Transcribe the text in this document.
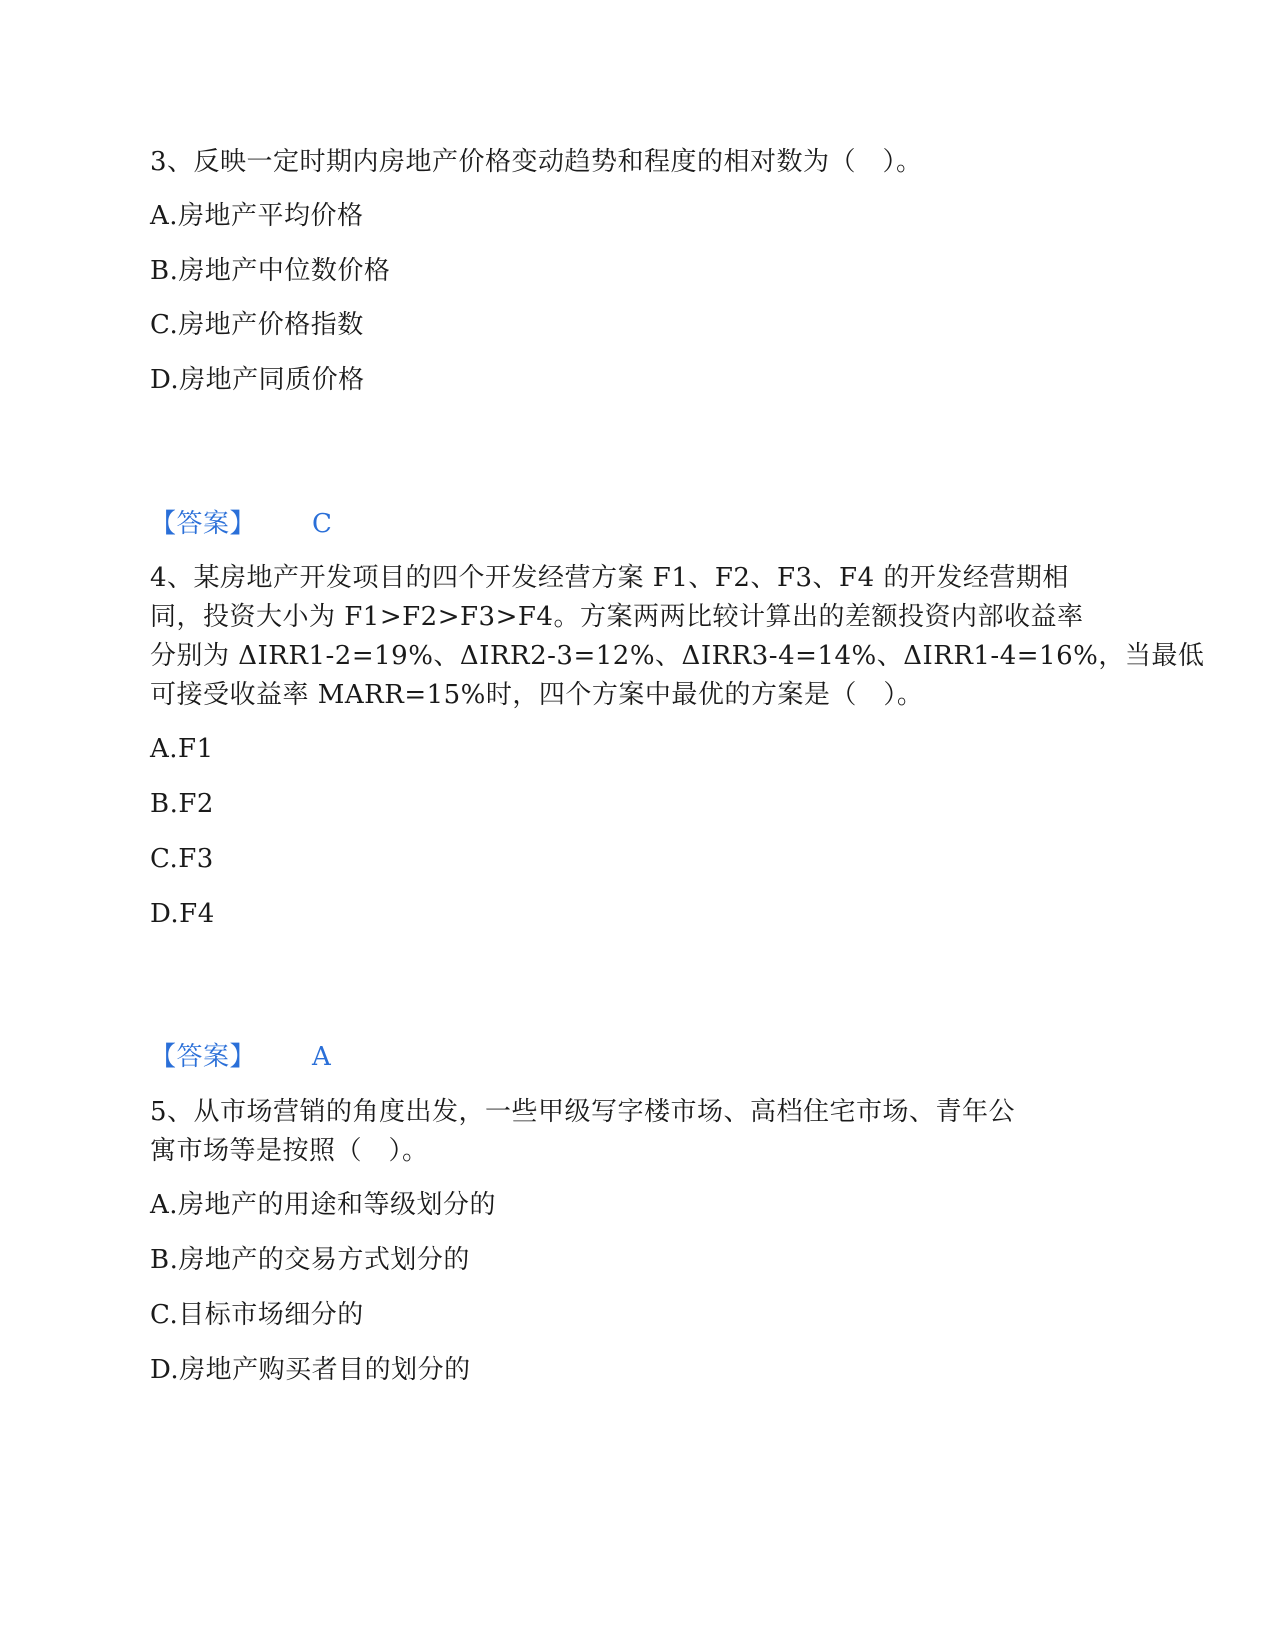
3、反映一定时期内房地产价格变动趋势和程度的相对数为（　）。
A.房地产平均价格
B.房地产中位数价格
C.房地产价格指数
D.房地产同质价格
【答案】 C
4、某房地产开发项目的四个开发经营方案 F1、F2、F3、F4 的开发经营期相
同，投资大小为 F1>F2>F3>F4。方案两两比较计算出的差额投资内部收益率
分别为 ΔIRR1-2=19%、ΔIRR2-3=12%、ΔIRR3-4=14%、ΔIRR1-4=16%，当最低
可接受收益率 MARR=15%时，四个方案中最优的方案是（　）。
A.F1
B.F2
C.F3
D.F4
【答案】 A
5、从市场营销的角度出发，一些甲级写字楼市场、高档住宅市场、青年公
寓市场等是按照（　）。
A.房地产的用途和等级划分的
B.房地产的交易方式划分的
C.目标市场细分的
D.房地产购买者目的划分的
